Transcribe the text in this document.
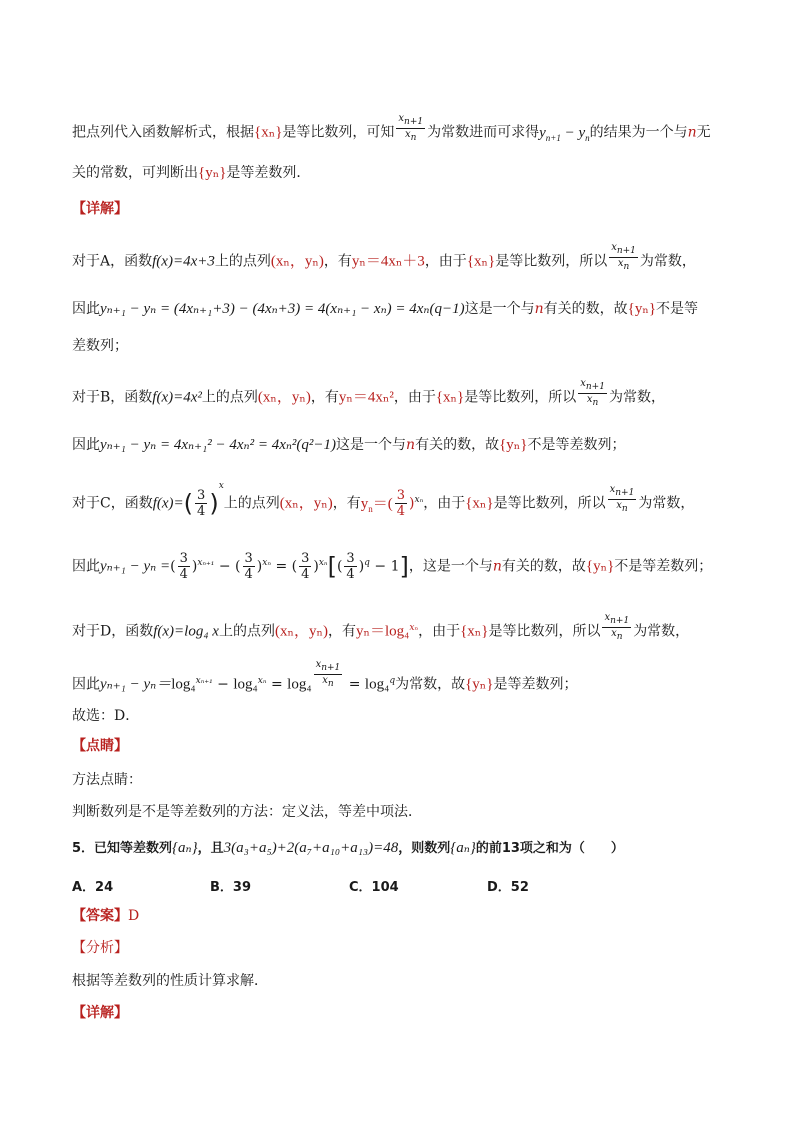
把点列代入函数解析式，根据{xₙ}是等比数列，可知 $\frac{x_{n+1}}{x_n}$ 为常数进而可求得$y_{n+1} - y_n$的结果为一个与n无
关的常数，可判断出{yₙ}是等差数列．
【详解】
对于A，函数f(x)=4x+3上的点列(xₙ，yₙ)，有yₙ＝4xₙ＋3，由于{xₙ}是等比数列，所以 $\frac{x_{n+1}}{x_n}$ 为常数，
因此yₙ₊₁ − yₙ = (4xₙ₊₁+3) − (4xₙ+3) = 4(xₙ₊₁ − xₙ) = 4xₙ(q−1)这是一个与n有关的数，故{yₙ}不是等
差数列；
对于B，函数f(x)=4x²上的点列(xₙ，yₙ)，有yₙ＝4xₙ²，由于{xₙ}是等比数列，所以 $\frac{x_{n+1}}{x_n}$ 为常数，
因此yₙ₊₁ − yₙ = 4xₙ₊₁² − 4xₙ² = 4xₙ²(q²−1)这是一个与n有关的数，故{yₙ}不是等差数列；
对于C，函数$f(x)=( \frac{3}{4} )^x$上的点列(xₙ，yₙ)，有$y_n=( \frac{3}{4} )^{x_n}$，由于{xₙ}是等比数列，所以 $\frac{x_{n+1}}{x_n}$ 为常数，
因此yₙ₊₁ − yₙ =( $\frac{3}{4} )^{x_{n+1}}$ − ( $\frac{3}{4} )^{x_n}$ = ( $\frac{3}{4} )^{x_n}[( \frac{3}{4} )^q - 1]$，这是一个与n有关的数，故{yₙ}不是等差数列；
对于D，函数f(x)=log₄ x上的点列(xₙ，yₙ)，有yₙ＝log₄$^{x_n}$，由于{xₙ}是等比数列，所以 $\frac{x_{n+1}}{x_n}$ 为常数，
因此$y_{n+1} - y_n=\log_4^{x_{n+1}} - \log_4^{x_n} = \log_4 \frac{x_{n+1}}{x_n} = \log_4^q$为常数，故{yₙ}是等差数列；
故选：D．
【点睛】
方法点睛：
判断数列是不是等差数列的方法：定义法，等差中项法．
5．已知等差数列{aₙ}，且3(a₃+a₅)+2(a₇+a₁₀+a₁₃)=48，则数列{aₙ}的前13项之和为（　　）
A．24	B．39	C．104	D．52
【答案】D
【分析】
根据等差数列的性质计算求解．
【详解】
